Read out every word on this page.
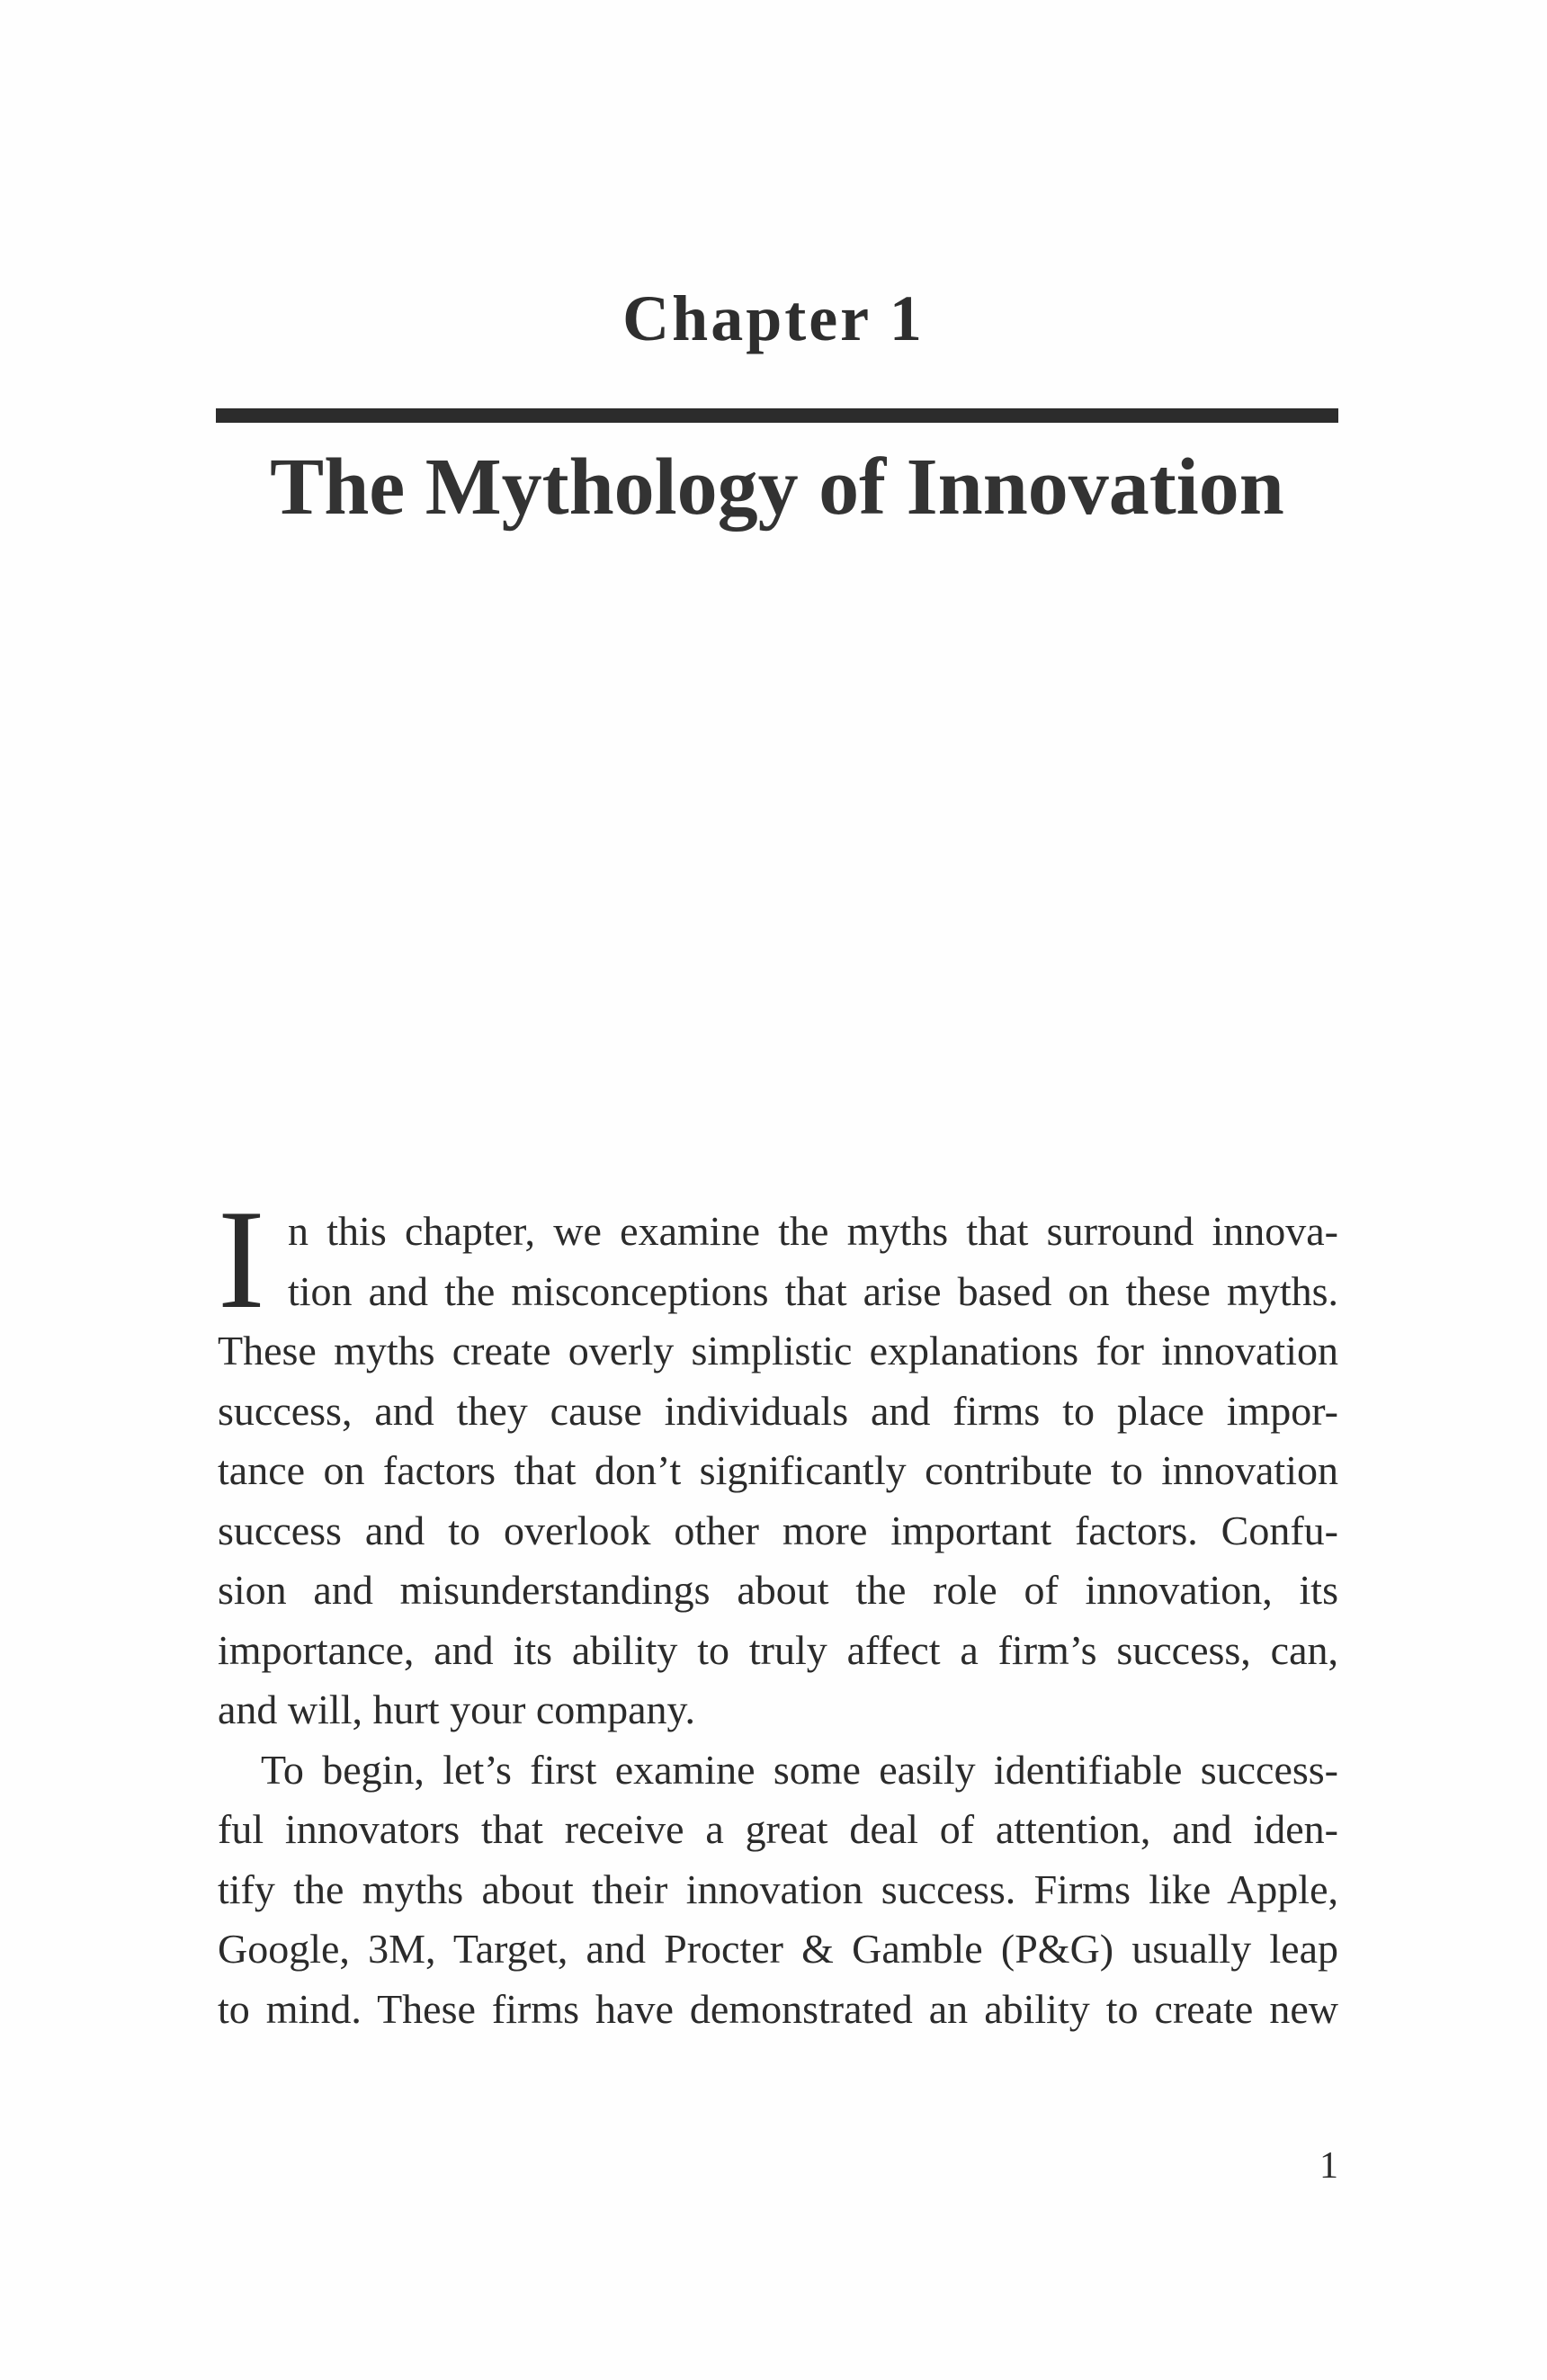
Chapter 1
The Mythology of Innovation
I n this chapter, we examine the myths that surround innova-
tion and the misconceptions that arise based on these myths.
These myths create overly simplistic explanations for innovation
success, and they cause individuals and firms to place impor-
tance on factors that don’t significantly contribute to innovation
success and to overlook other more important factors. Confu-
sion and misunderstandings about the role of innovation, its
importance, and its ability to truly affect a firm’s success, can,
and will, hurt your company.
To begin, let’s first examine some easily identifiable success-
ful innovators that receive a great deal of attention, and iden-
tify the myths about their innovation success. Firms like Apple,
Google, 3M, Target, and Procter & Gamble (P&G) usually leap
to mind. These firms have demonstrated an ability to create new
1
